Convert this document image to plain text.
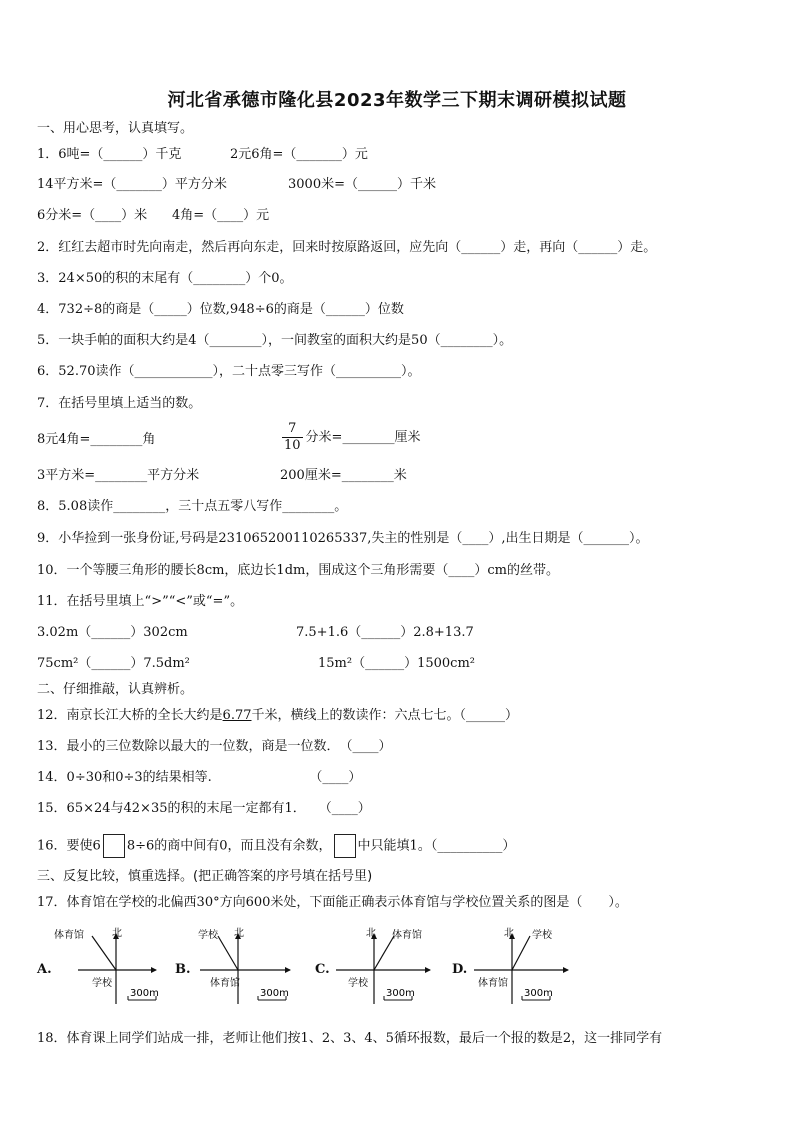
河北省承德市隆化县2023年数学三下期末调研模拟试题
一、用心思考，认真填写。
1．6吨=（______）千克	2元6角=（_______）元
14平方米=（_______）平方分米	3000米=（______）千米
6分米=（____）米 4角=（____）元
2．红红去超市时先向南走，然后再向东走，回来时按原路返回，应先向（______）走，再向（______）走。
3．24×50的积的末尾有（________）个0。
4．732÷8的商是（_____）位数,948÷6的商是（______）位数
5．一块手帕的面积大约是4（________），一间教室的面积大约是50（________）。
6．52.70读作（____________），二十点零三写作（__________）。
7．在括号里填上适当的数。
8元4角=________角	$\frac{7}{10}$ 分米=________厘米
3平方米=________平方分米	200厘米=________米
8．5.08读作________，三十点五零八写作________。
9．小华捡到一张身份证,号码是231065200110265337,失主的性别是（____）,出生日期是（_______）。
10．一个等腰三角形的腰长8cm，底边长1dm，围成这个三角形需要（____）cm的丝带。
11．在括号里填上“>”“<”或“=”。
3.02m（______）302cm	7.5+1.6（______）2.8+13.7
75cm²（______）7.5dm²	15m²（______）1500cm²
二、仔细推敲，认真辨析。
12．南京长江大桥的全长大约是6.77千米，横线上的数读作：六点七七。（______）
13．最小的三位数除以最大的一位数，商是一位数．　（____）
14．0÷30和0÷3的结果相等.　　　　　　　　（____）
15．65×24与42×35的积的末尾一定都有1．　　（____）
16．要使6 8÷6的商中间有0，而且没有余数， 中只能填1。（__________）
三、反复比较，慎重选择。(把正确答案的序号填在括号里)
17．体育馆在学校的北偏西30°方向600米处，下面能正确表示体育馆与学校位置关系的图是（　　）。
A.
体育馆	北
学校
300m
B.
学校 北
体育馆
300m
C.
体育馆
北
学校
300m
D.
学校
北
体育馆
300m
18．体育课上同学们站成一排，老师让他们按1、2、3、4、5循环报数，最后一个报的数是2，这一排同学有
